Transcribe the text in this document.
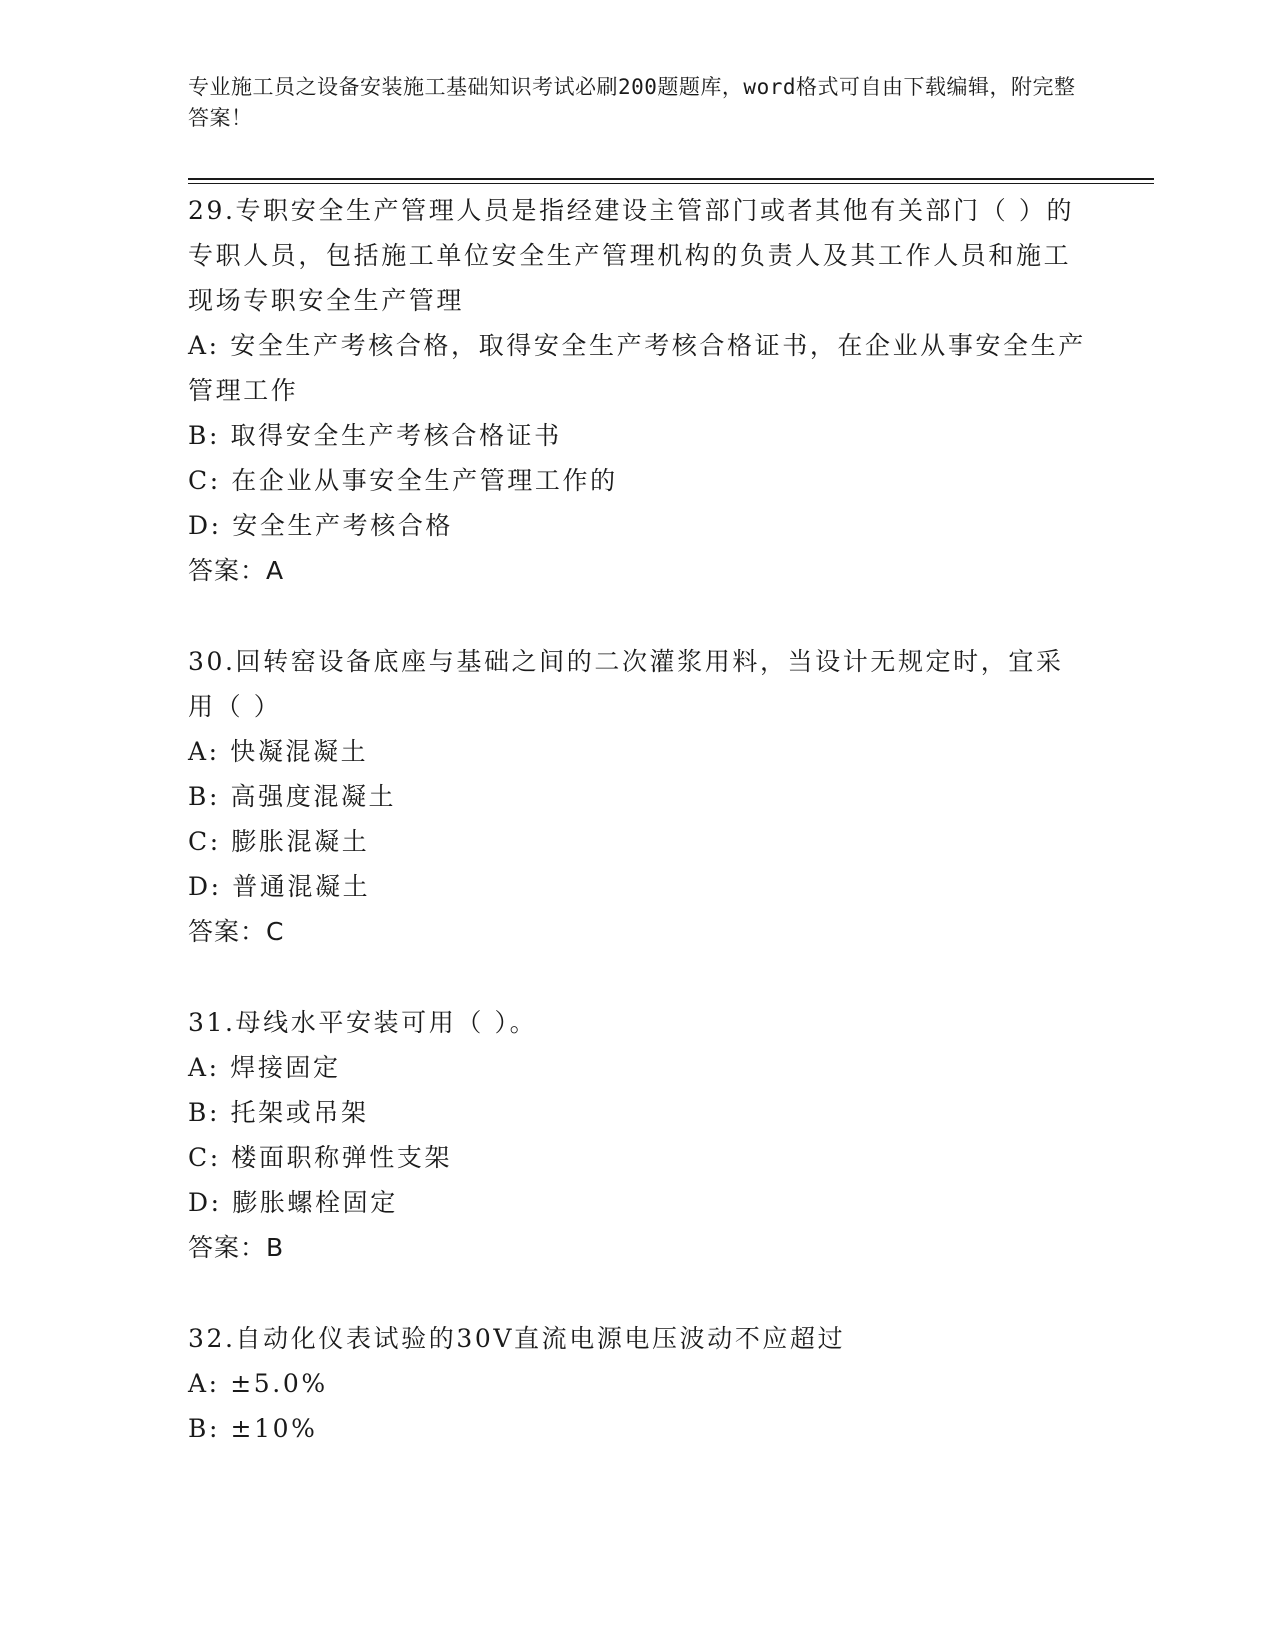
专业施工员之设备安装施工基础知识考试必刷200题题库，word格式可自由下载编辑，附完整答案！

29.专职安全生产管理人员是指经建设主管部门或者其他有关部门（ ）的专职人员，包括施工单位安全生产管理机构的负责人及其工作人员和施工现场专职安全生产管理

A: 安全生产考核合格，取得安全生产考核合格证书，在企业从事安全生产管理工作

B: 取得安全生产考核合格证书

C: 在企业从事安全生产管理工作的

D: 安全生产考核合格

答案：A

30.回转窑设备底座与基础之间的二次灌浆用料，当设计无规定时，宜采用（ ）

A: 快凝混凝土

B: 高强度混凝土

C: 膨胀混凝土

D: 普通混凝土

答案：C

31.母线水平安装可用（ ）。

A: 焊接固定

B: 托架或吊架

C: 楼面职称弹性支架

D: 膨胀螺栓固定

答案：B

32.自动化仪表试验的30V直流电源电压波动不应超过

A: ±5.0%

B: ±10%
